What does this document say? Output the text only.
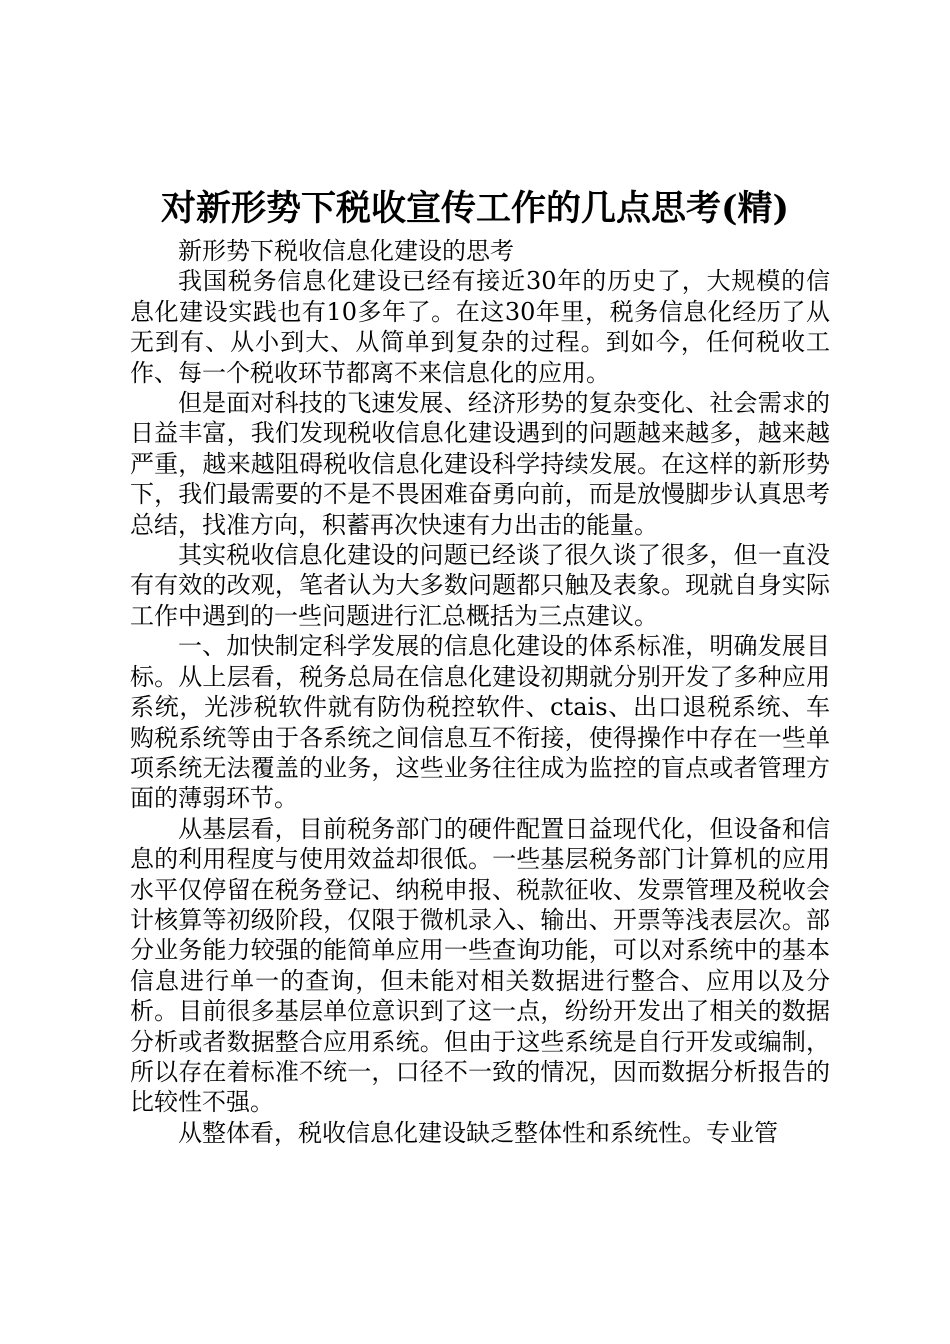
对新形势下税收宣传工作的几点思考(精)

新形势下税收信息化建设的思考

我国税务信息化建设已经有接近30年的历史了，大规模的信息化建设实践也有10多年了。在这30年里，税务信息化经历了从无到有、从小到大、从简单到复杂的过程。到如今，任何税收工作、每一个税收环节都离不来信息化的应用。

但是面对科技的飞速发展、经济形势的复杂变化、社会需求的日益丰富，我们发现税收信息化建设遇到的问题越来越多，越来越严重，越来越阻碍税收信息化建设科学持续发展。在这样的新形势下，我们最需要的不是不畏困难奋勇向前，而是放慢脚步认真思考总结，找准方向，积蓄再次快速有力出击的能量。

其实税收信息化建设的问题已经谈了很久谈了很多，但一直没有有效的改观，笔者认为大多数问题都只触及表象。现就自身实际工作中遇到的一些问题进行汇总概括为三点建议。

一、加快制定科学发展的信息化建设的体系标准，明确发展目标。从上层看，税务总局在信息化建设初期就分别开发了多种应用系统，光涉税软件就有防伪税控软件、ctais、出口退税系统、车购税系统等由于各系统之间信息互不衔接，使得操作中存在一些单项系统无法覆盖的业务，这些业务往往成为监控的盲点或者管理方面的薄弱环节。

从基层看，目前税务部门的硬件配置日益现代化，但设备和信息的利用程度与使用效益却很低。一些基层税务部门计算机的应用水平仅停留在税务登记、纳税申报、税款征收、发票管理及税收会计核算等初级阶段，仅限于微机录入、输出、开票等浅表层次。部分业务能力较强的能简单应用一些查询功能，可以对系统中的基本信息进行单一的查询，但未能对相关数据进行整合、应用以及分析。目前很多基层单位意识到了这一点，纷纷开发出了相关的数据分析或者数据整合应用系统。但由于这些系统是自行开发或编制，所以存在着标准不统一，口径不一致的情况，因而数据分析报告的比较性不强。

从整体看，税收信息化建设缺乏整体性和系统性。专业管
